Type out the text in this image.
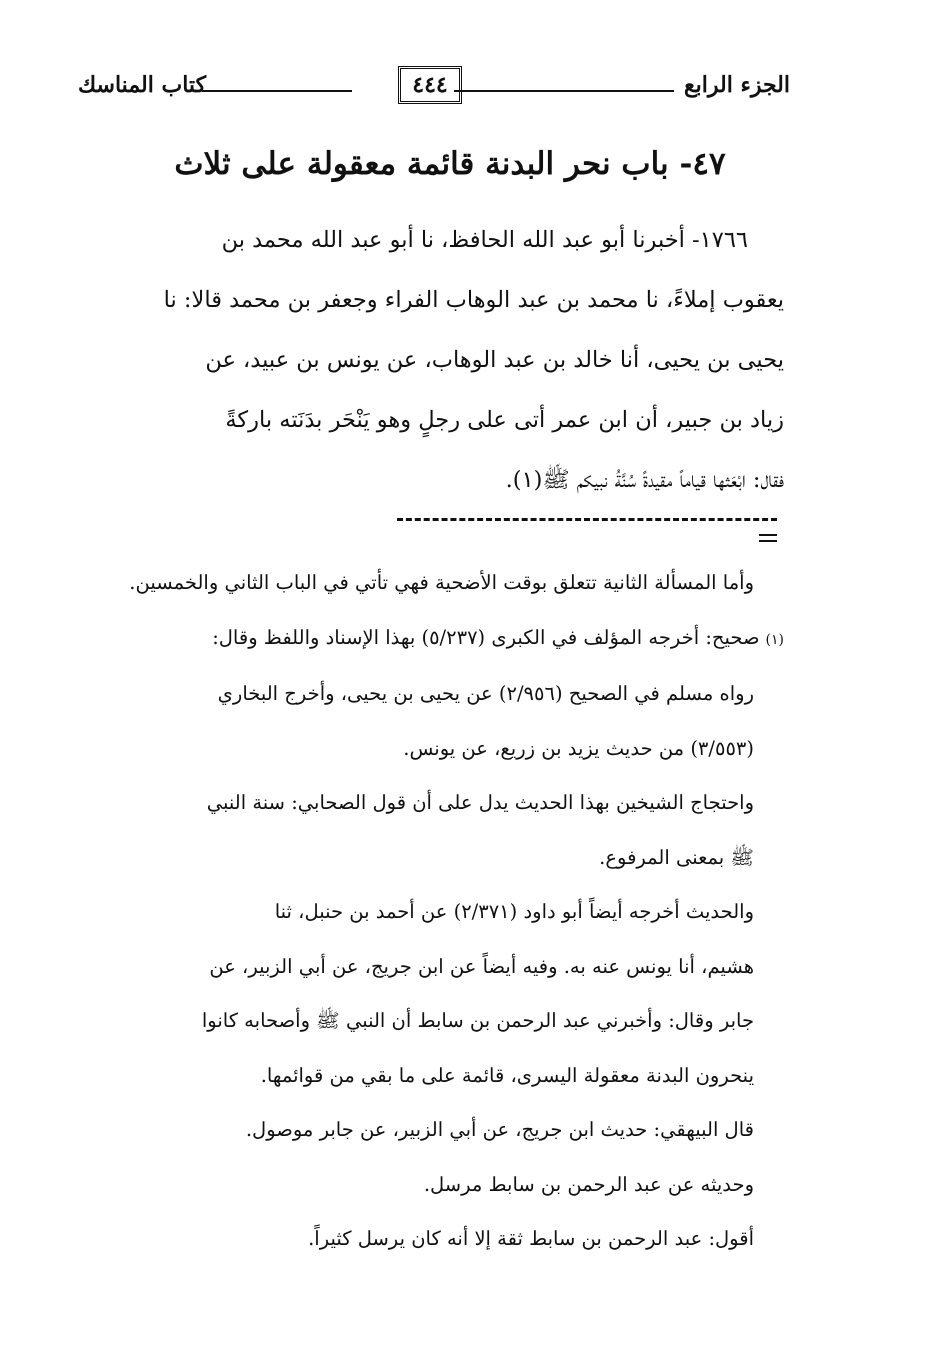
الجزء الرابع
٤٤٤
كتاب المناسك
٤٧- باب نحر البدنة قائمة معقولة على ثلاث

١٧٦٦- أخبرنا أبو عبد الله الحافظ، نا أبو عبد الله محمد بن

يعقوب إملاءً، نا محمد بن عبد الوهاب الفراء وجعفر بن محمد قالا: نا

يحيى بن يحيى، أنا خالد بن عبد الوهاب، عن يونس بن عبيد، عن

زياد بن جبير، أن ابن عمر أتى على رجلٍ وهو يَنْحَر بدَنَته باركةً

فقال: ابْعَثها قياماً مقيدةً سُنَّةُ نبيكم ﷺ(١).

وأما المسألة الثانية تتعلق بوقت الأضحية فهي تأتي في الباب الثاني والخمسين.

(١)صحيح: أخرجه المؤلف في الكبرى (٥/٢٣٧) بهذا الإسناد واللفظ وقال:

رواه مسلم في الصحيح (٢/٩٥٦) عن يحيى بن يحيى، وأخرج البخاري

(٣/٥٥٣) من حديث يزيد بن زريع، عن يونس.

واحتجاج الشيخين بهذا الحديث يدل على أن قول الصحابي: سنة النبي

ﷺ بمعنى المرفوع.

والحديث أخرجه أيضاً أبو داود (٢/٣٧١) عن أحمد بن حنبل، ثنا

هشيم، أنا يونس عنه به. وفيه أيضاً عن ابن جريج، عن أبي الزبير، عن

جابر وقال: وأخبرني عبد الرحمن بن سابط أن النبي ﷺ وأصحابه كانوا

ينحرون البدنة معقولة اليسرى، قائمة على ما بقي من قوائمها.

قال البيهقي: حديث ابن جريج، عن أبي الزبير، عن جابر موصول.

وحديثه عن عبد الرحمن بن سابط مرسل.

أقول: عبد الرحمن بن سابط ثقة إلا أنه كان يرسل كثيراً.
